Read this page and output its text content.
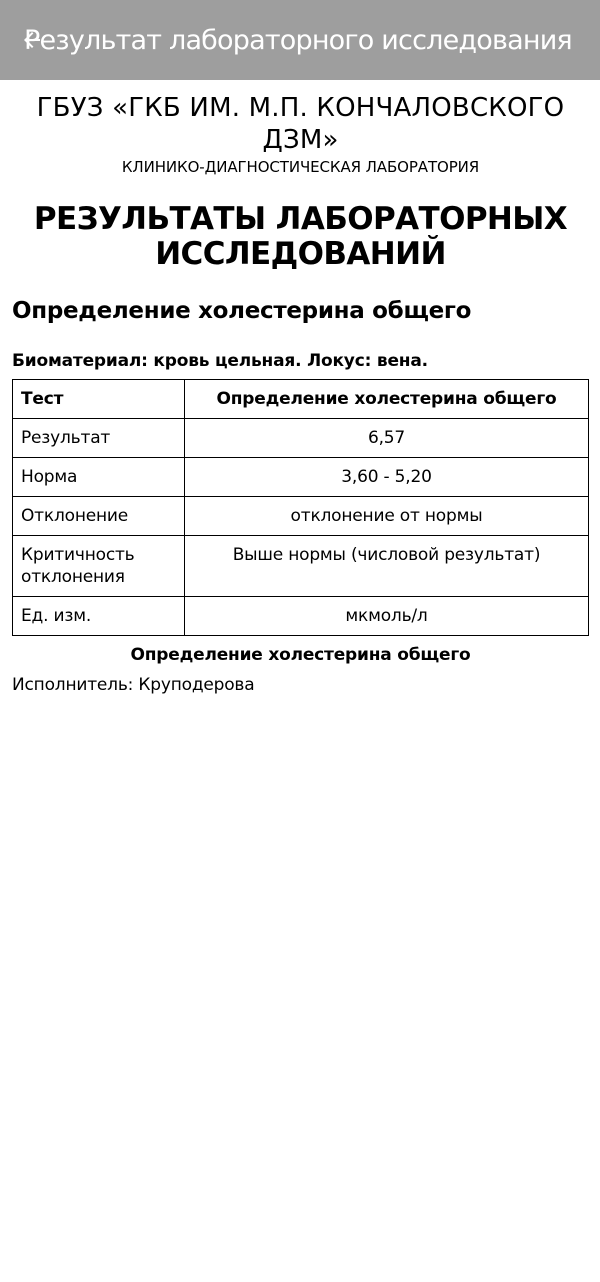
Результат лабораторного исследования

ГБУЗ «ГКБ ИМ. М.П. КОНЧАЛОВСКОГО ДЗМ»

КЛИНИКО-ДИАГНОСТИЧЕСКАЯ ЛАБОРАТОРИЯ

РЕЗУЛЬТАТЫ ЛАБОРАТОРНЫХ ИССЛЕДОВАНИЙ
Определение холестерина общего

Биоматериал: кровь цельная. Локус: вена.

Тест	Определение холестерина общего
Результат	6,57
Норма	3,60 - 5,20
Отклонение	отклонение от нормы
Критичность отклонения	Выше нормы (числовой результат)
Ед. изм.	мкмоль/л
Определение холестерина общего
Исполнитель: Круподерова
